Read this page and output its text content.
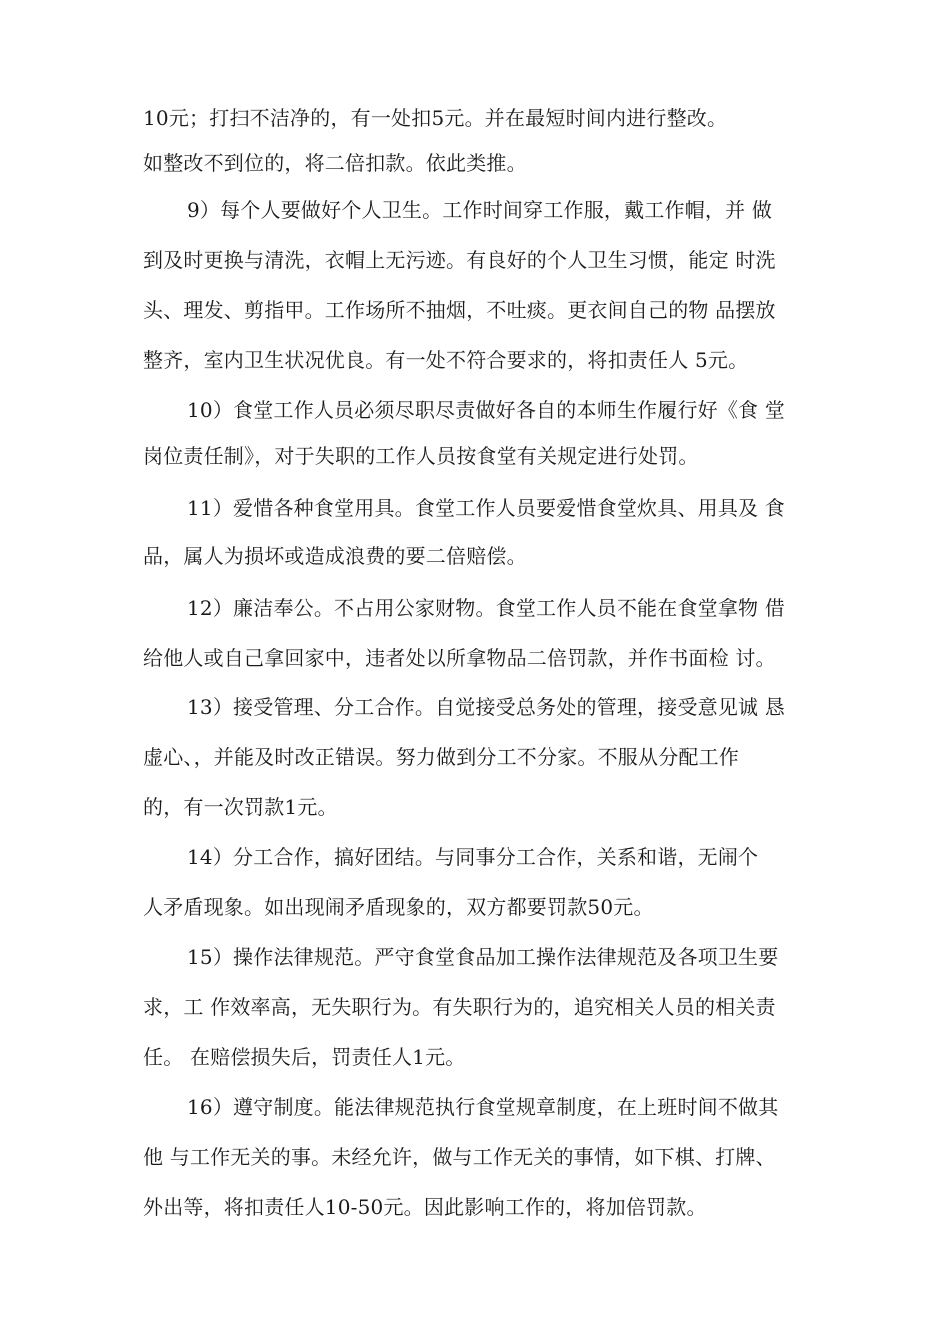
10元；打扫不洁净的，有一处扣5元。并在最短时间内进行整改。
如整改不到位的，将二倍扣款。依此类推。
9）每个人要做好个人卫生。工作时间穿工作服，戴工作帽，并 做
到及时更换与清洗，衣帽上无污迹。有良好的个人卫生习惯，能定 时洗
头、理发、剪指甲。工作场所不抽烟，不吐痰。更衣间自己的物 品摆放
整齐，室内卫生状况优良。有一处不符合要求的，将扣责任人 5元。
10）食堂工作人员必须尽职尽责做好各自的本师生作履行好《食 堂
岗位责任制》，对于失职的工作人员按食堂有关规定进行处罚。
11）爱惜各种食堂用具。食堂工作人员要爱惜食堂炊具、用具及 食
品，属人为损坏或造成浪费的要二倍赔偿。
12）廉洁奉公。不占用公家财物。食堂工作人员不能在食堂拿物 借
给他人或自己拿回家中，违者处以所拿物品二倍罚款，并作书面检 讨。
13）接受管理、分工合作。自觉接受总务处的管理，接受意见诚 恳
虚心、，并能及时改正错误。努力做到分工不分家。不服从分配工作
的，有一次罚款1元。
14）分工合作，搞好团结。与同事分工合作，关系和谐，无闹个
人矛盾现象。如出现闹矛盾现象的，双方都要罚款50元。
15）操作法律规范。严守食堂食品加工操作法律规范及各项卫生要
求，工 作效率高，无失职行为。有失职行为的，追究相关人员的相关责
任。 在赔偿损失后，罚责任人1元。
16）遵守制度。能法律规范执行食堂规章制度，在上班时间不做其
他 与工作无关的事。未经允许，做与工作无关的事情，如下棋、打牌、
外出等，将扣责任人10-50元。因此影响工作的，将加倍罚款。
